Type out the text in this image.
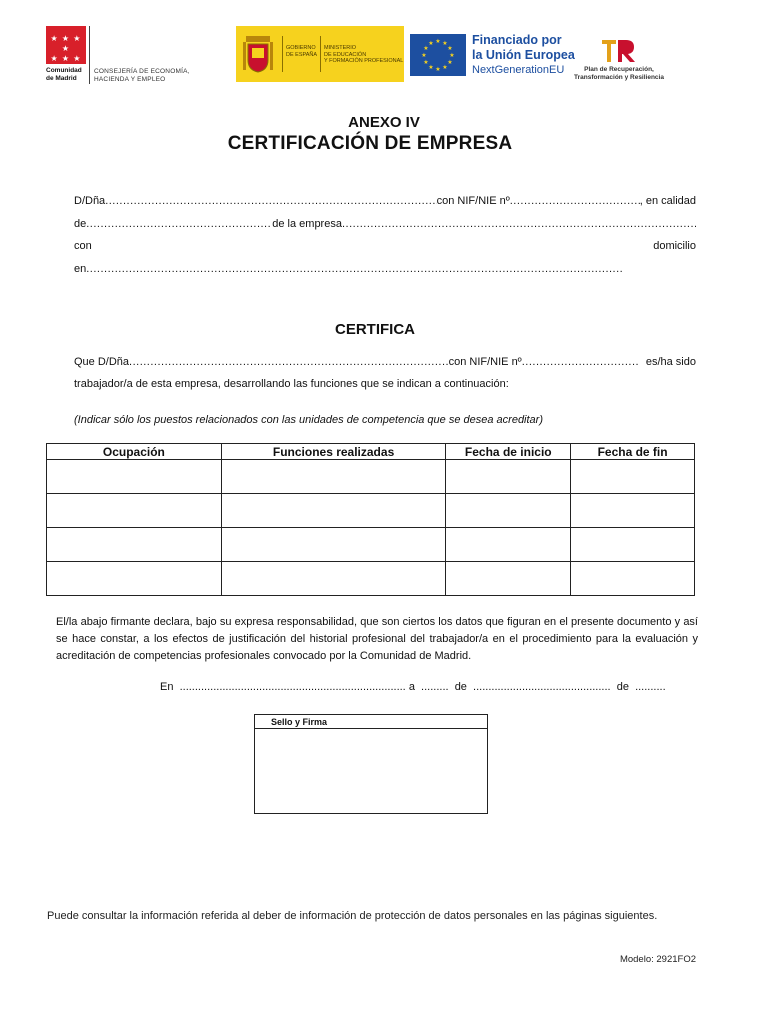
★ ★ ★ ★
★ ★ ★
Comunidad
de Madrid
CONSEJERÍA DE ECONOMÍA,
HACIENDA Y EMPLEO
GOBIERNO
DE ESPAÑA
MINISTERIO
DE EDUCACIÓN
Y FORMACIÓN PROFESIONAL
★ ★
★
★
★
★
★
★
★
★
★
★	Financiado por
la Unión Europea
NextGenerationEU	Plan de Recuperación,
Transformación y Resiliencia
ANEXO IV
CERTIFICACIÓN DE EMPRESA
D/Dña .....	con NIF/NIE nº .....	, en calidad
de .....	de la empresa
.....
con	domicilio
en
.....
CERTIFICA
Que D/Dña .....	con NIF/NIE nº .....
	es/ha sido
trabajador/a de esta empresa, desarrollando las funciones que se indican a continuación:
(Indicar sólo los puestos relacionados con las unidades de competencia que se desea acreditar)
Ocupación	Funciones realizadas	Fecha de inicio	Fecha de fin

El/la abajo firmante declara, bajo su expresa responsabilidad, que son ciertos los datos que figuran en el presente documento y así se hace constar, a los efectos de justificación del historial profesional del trabajador/a en el procedimiento para la evaluación y acreditación de competencias profesionales convocado por la Comunidad de Madrid.
En  .......................................................................... a  .........  de  .............................................  de  ..........
Sello y Firma
Puede consultar la información referida al deber de información de protección de datos personales en las páginas siguientes.
Modelo: 2921FO2
